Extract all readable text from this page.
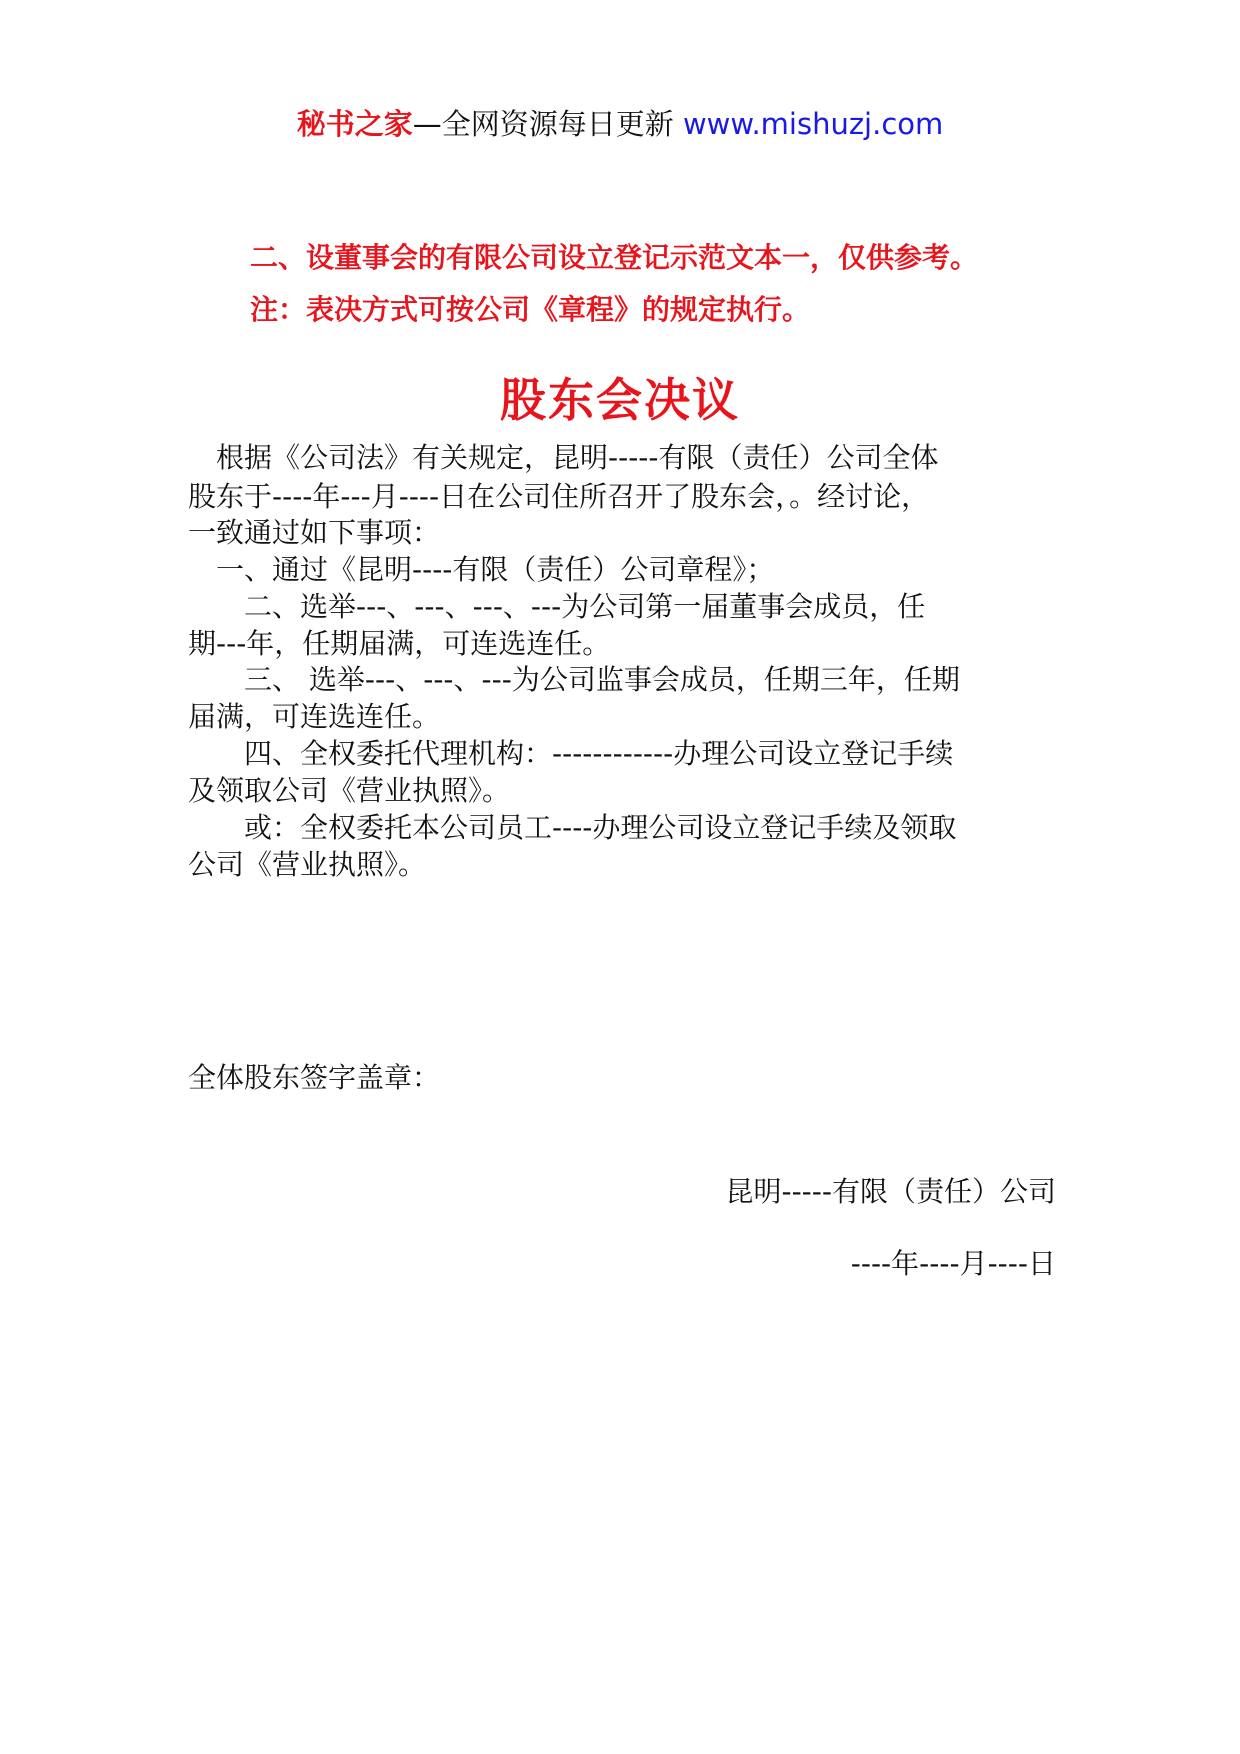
秘书之家—全网资源每日更新 www.mishuzj.com
二、设董事会的有限公司设立登记示范文本一，仅供参考。
注：表决方式可按公司《章程》的规定执行。
股东会决议
　根据《公司法》有关规定，昆明-----有限（责任）公司全体
股东于----年---月----日在公司住所召开了股东会，。经讨论，
一致通过如下事项：
　一、通过《昆明----有限（责任）公司章程》；
　　二、选举---、---、---、---为公司第一届董事会成员，任
期---年，任期届满，可连选连任。
　　三、 选举---、---、---为公司监事会成员，任期三年，任期
届满，可连选连任。
　　四、全权委托代理机构：------------办理公司设立登记手续
及领取公司《营业执照》。
　　或：全权委托本公司员工----办理公司设立登记手续及领取
公司《营业执照》。
全体股东签字盖章：
昆明-----有限（责任）公司
----年----月----日
